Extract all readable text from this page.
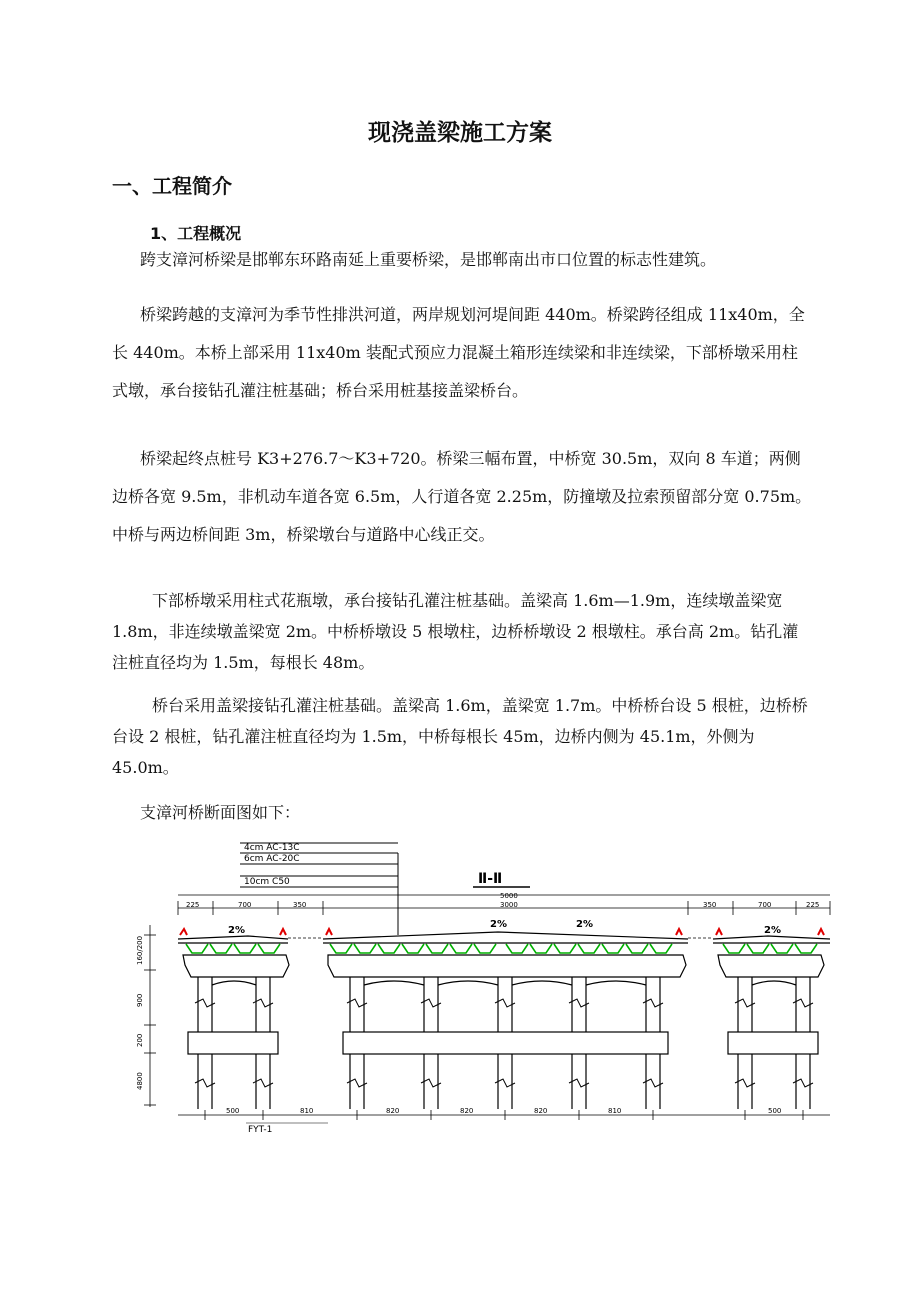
现浇盖梁施工方案
一、工程简介
1、工程概况

跨支漳河桥梁是邯郸东环路南延上重要桥梁，是邯郸南出市口位置的标志性建筑。

桥梁跨越的支漳河为季节性排洪河道，两岸规划河堤间距 440m。桥梁跨径组成 11x40m，全长 440m。本桥上部采用 11x40m 装配式预应力混凝土箱形连续梁和非连续梁，下部桥墩采用柱式墩，承台接钻孔灌注桩基础；桥台采用桩基接盖梁桥台。

桥梁起终点桩号 K3+276.7～K3+720。桥梁三幅布置，中桥宽 30.5m，双向 8 车道；两侧边桥各宽 9.5m，非机动车道各宽 6.5m，人行道各宽 2.25m，防撞墩及拉索预留部分宽 0.75m。中桥与两边桥间距 3m，桥梁墩台与道路中心线正交。

下部桥墩采用柱式花瓶墩，承台接钻孔灌注桩基础。盖梁高 1.6m—1.9m，连续墩盖梁宽 1.8m，非连续墩盖梁宽 2m。中桥桥墩设 5 根墩柱，边桥桥墩设 2 根墩柱。承台高 2m。钻孔灌注桩直径均为 1.5m，每根长 48m。

桥台采用盖梁接钻孔灌注桩基础。盖梁高 1.6m，盖梁宽 1.7m。中桥桥台设 5 根桩，边桥桥台设 2 根桩，钻孔灌注桩直径均为 1.5m，中桥每根长 45m，边桥内侧为 45.1m，外侧为 45.0m。

支漳河桥断面图如下：

4cm AC-13C
6cm AC-20C
10cm C50	Ⅱ-Ⅱ
5000
225	700	350	3000	350	700	225
160/200
900
200
4800
2%
2%	2%
2%
500	810	820	820	820	810	500
FYT-1
